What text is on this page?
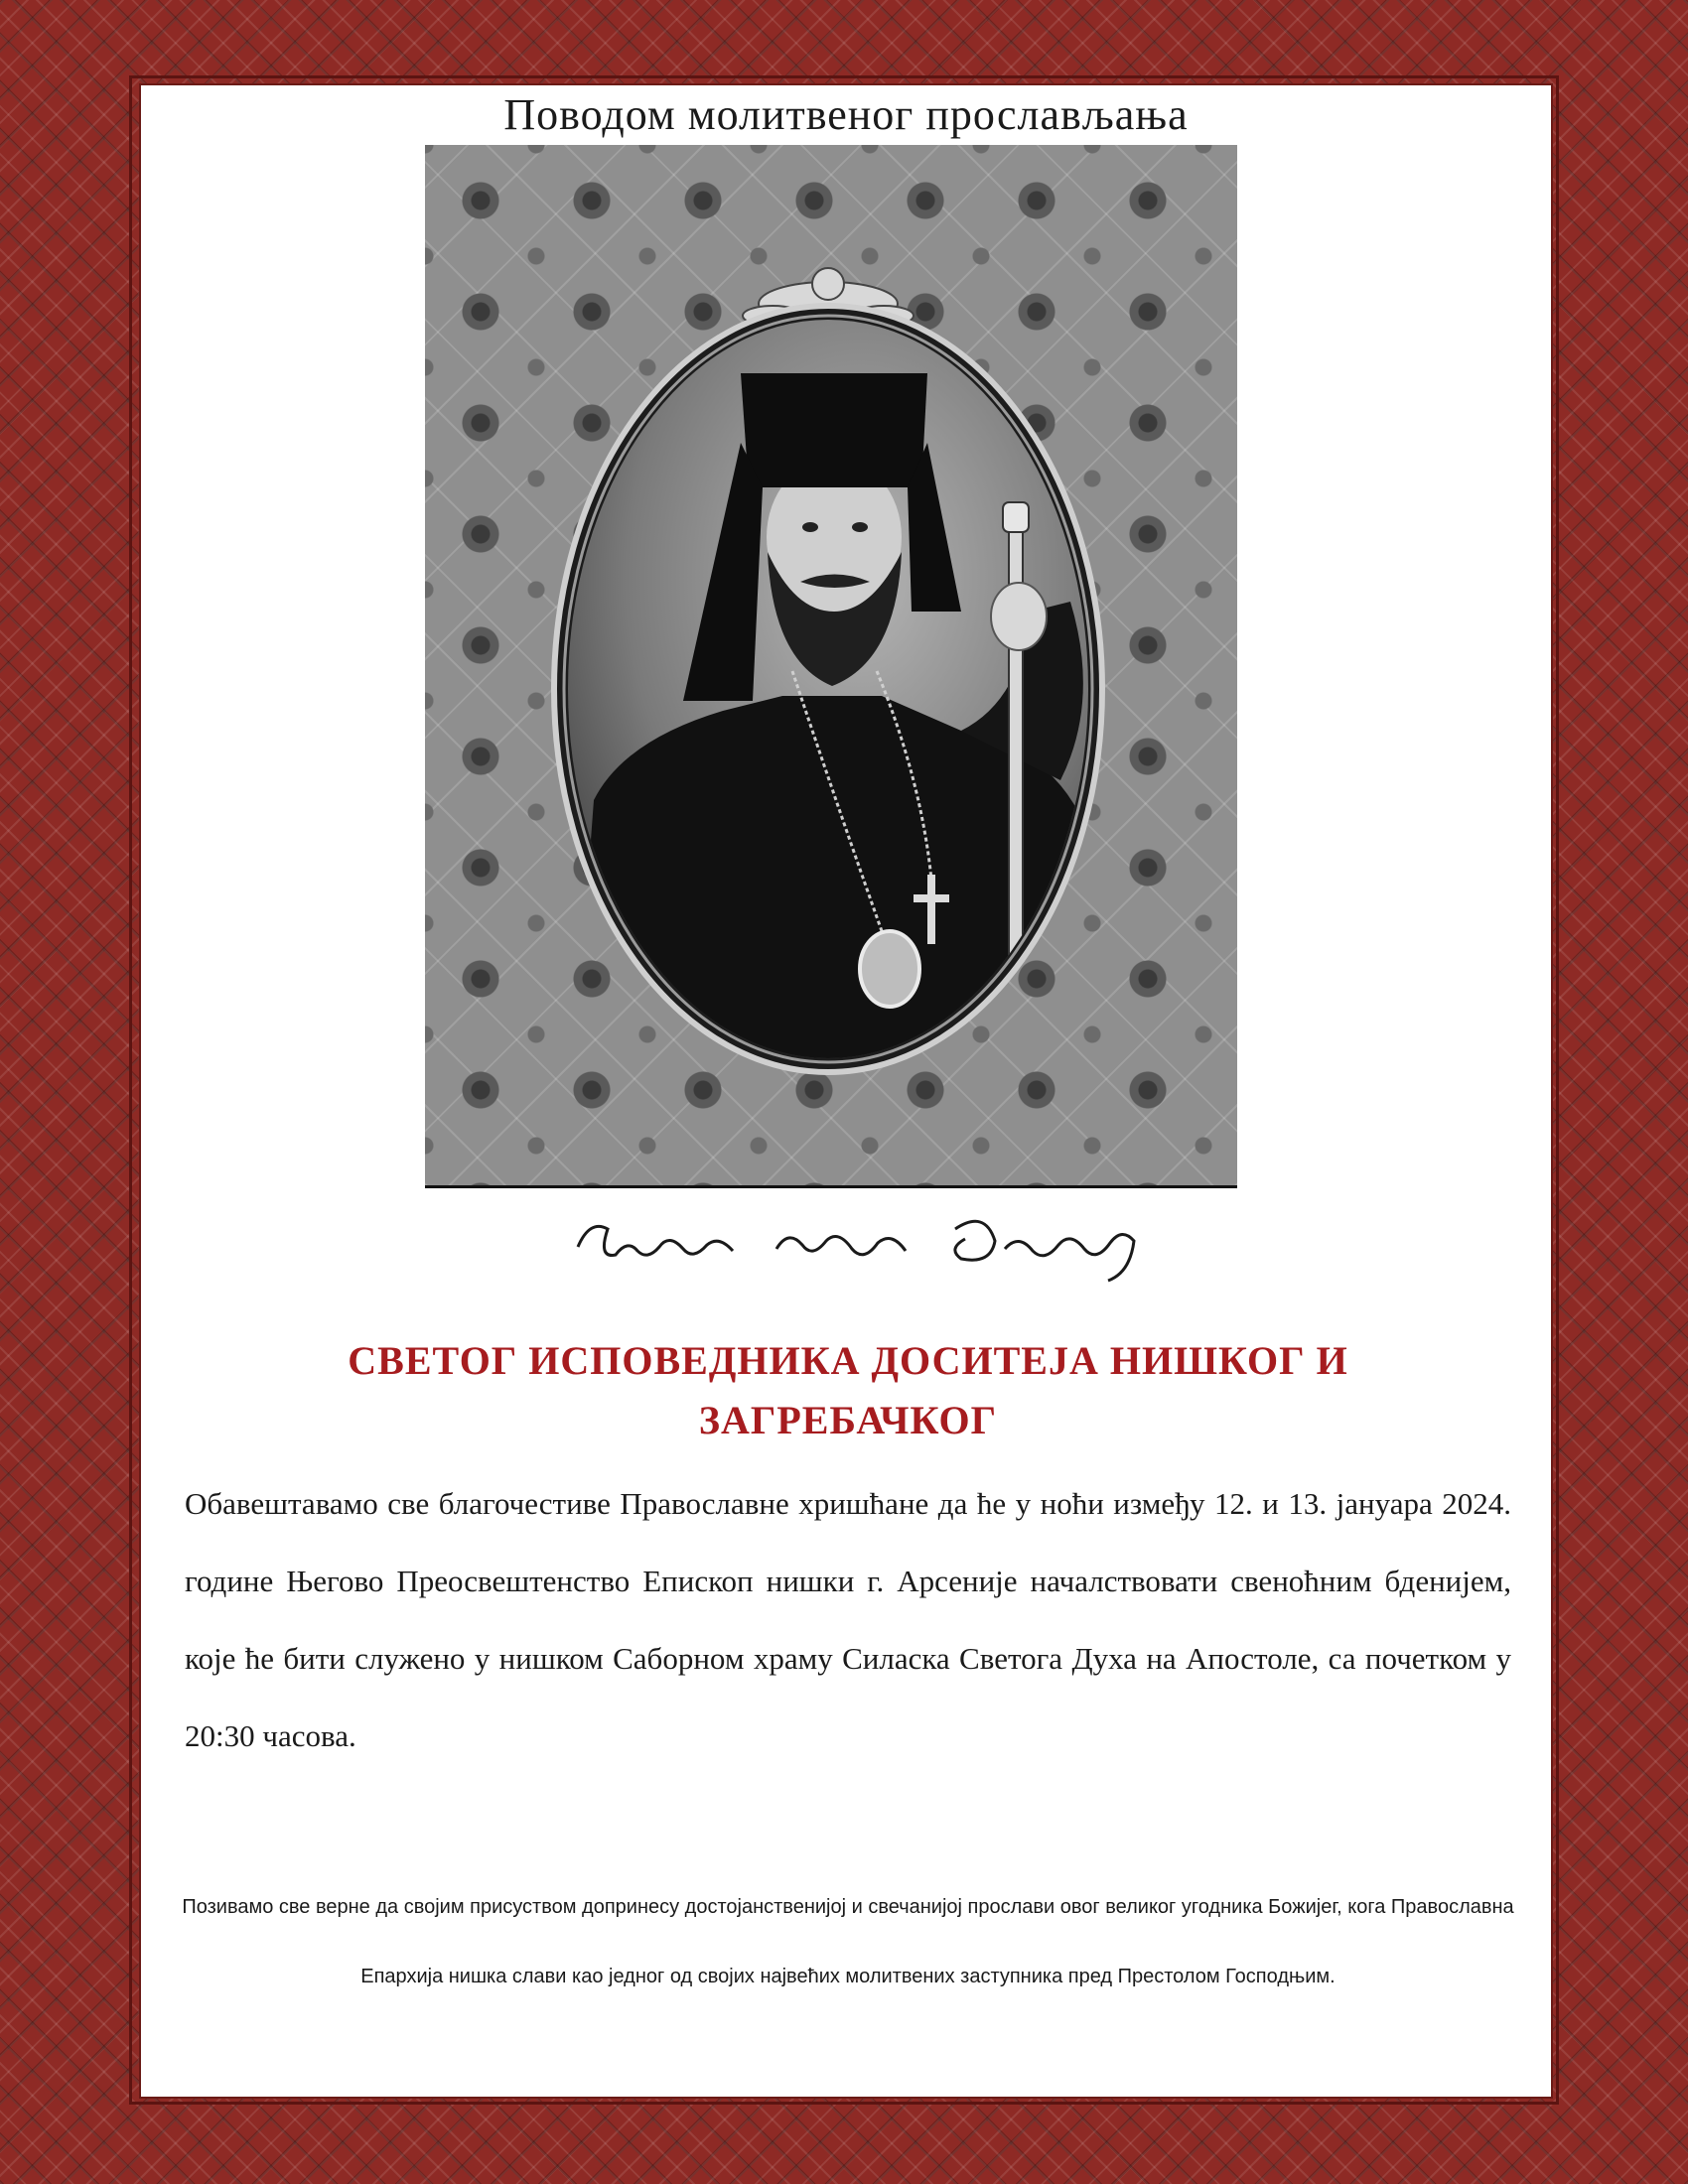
Поводом молитвеног прослављања
СВЕТОГ ИСПОВЕДНИКА ДОСИТЕЈА НИШКОГ И ЗАГРЕБАЧКОГ
Обавештавамо све благочестиве Православне хришћане да ће у ноћи између 12. и 13. јануара 2024. године Његово Преосвештенство Епископ нишки г. Арсеније началствовати свеноћним бденијем, које ће бити служено у нишком Саборном храму Силаска Светога Духа на Апостоле, са почетком у 20:30 часова.
Позивамо све верне да својим присуством допринесу достојанственијој и свечанијој прослави овог великог угодника Божијег, кога Православна Епархија нишка слави као једног од својих највећих молитвених заступника пред Престолом Господњим.
